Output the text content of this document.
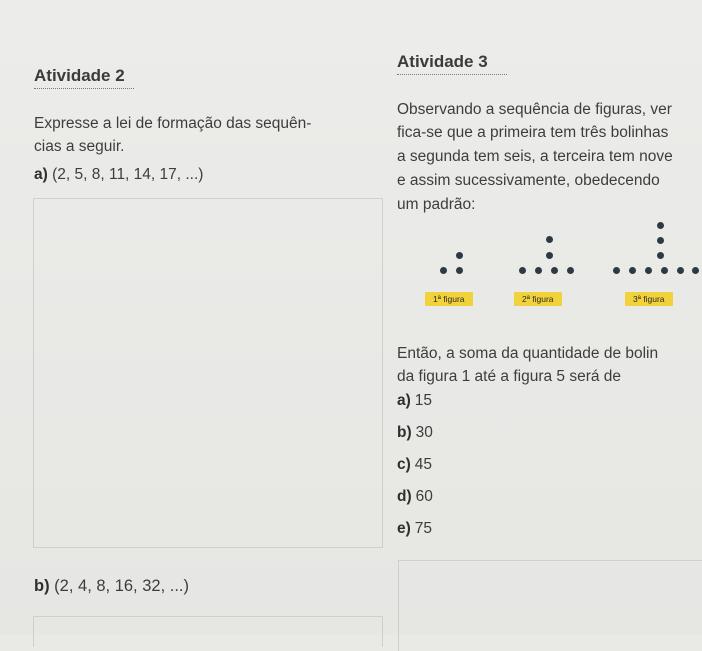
Atividade 2
Expresse a lei de formação das sequên-
cias a seguir.
a) (2, 5, 8, 11, 14, 17, ...)
b) (2, 4, 8, 16, 32, ...)
Atividade 3
Observando a sequência de figuras, ver
fica-se que a primeira tem três bolinhas
a segunda tem seis, a terceira tem nove
e assim sucessivamente, obedecendo
um padrão:
1ª figura	2ª figura	3ª figura
Então, a soma da quantidade de bolin
da figura 1 até a figura 5 será de
a) 15
b) 30
c) 45
d) 60
e) 75
